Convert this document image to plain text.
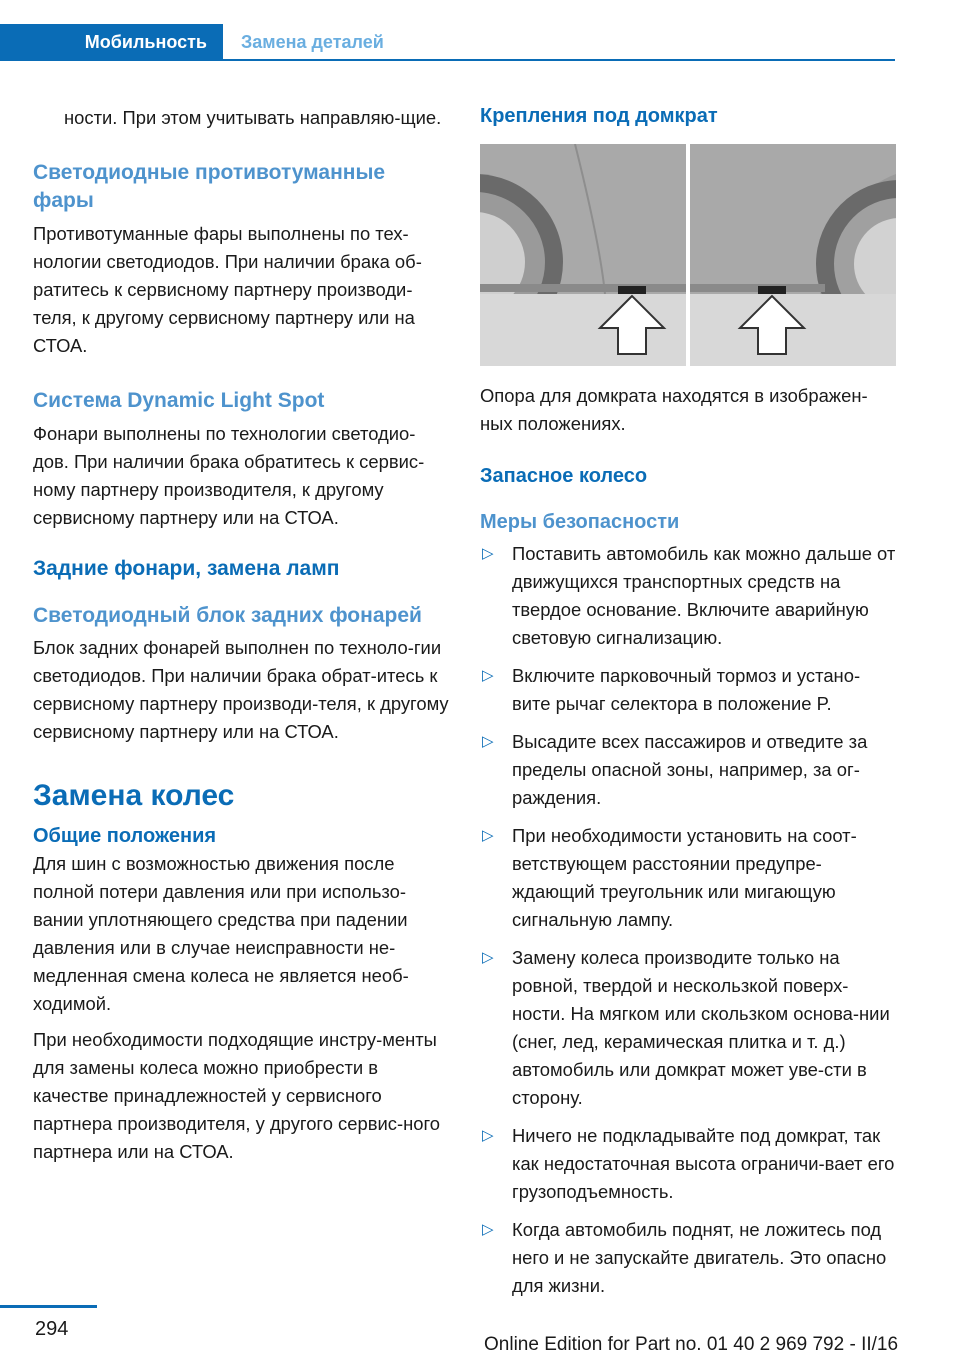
Мобильность	Замена деталей

ности. При этом учитывать направляю-щие.

Светодиодные противотуманные фары

Противотуманные фары выполнены по тех-нологии светодиодов. При наличии брака об-ратитесь к сервисному партнеру производи-теля, к другому сервисному партнеру или на СТОА.

Система Dynamic Light Spot

Фонари выполнены по технологии светодио-дов. При наличии брака обратитесь к сервис-ному партнеру производителя, к другому сервисному партнеру или на СТОА.

Задние фонари, замена ламп
Светодиодный блок задних фонарей

Блок задних фонарей выполнен по техноло-гии светодиодов. При наличии брака обрат-итесь к сервисному партнеру производи-теля, к другому сервисному партнеру или на СТОА.

Замена колес
Общие положения

Для шин с возможностью движения после полной потери давления или при использо-вании уплотняющего средства при падении давления или в случае неисправности не-медленная смена колеса не является необ-ходимой.

При необходимости подходящие инстру-менты для замены колеса можно приобрести в качестве принадлежностей у сервисного партнера производителя, у другого сервис-ного партнера или на СТОА.

Крепления под домкрат

Опора для домкрата находятся в изображен-ных положениях.

Запасное колесо
Меры безопасности
▷ Поставить автомобиль как можно дальше от движущихся транспортных средств на твердое основание. Включите аварийную световую сигнализацию.
▷ Включите парковочный тормоз и устано-вите рычаг селектора в положение P.
▷ Высадите всех пассажиров и отведите за пределы опасной зоны, например, за ог-раждения.
▷ При необходимости установить на соот-ветствующем расстоянии предупре-ждающий треугольник или мигающую сигнальную лампу.
▷ Замену колеса производите только на ровной, твердой и нескользкой поверх-ности. На мягком или скользком основа-нии (снег, лед, керамическая плитка и т. д.) автомобиль или домкрат может уве-сти в сторону.
▷ Ничего не подкладывайте под домкрат, так как недостаточная высота ограничи-вает его грузоподъемность.
▷ Когда автомобиль поднят, не ложитесь под него и не запускайте двигатель. Это опасно для жизни.
294
Online Edition for Part no. 01 40 2 969 792 - II/16
